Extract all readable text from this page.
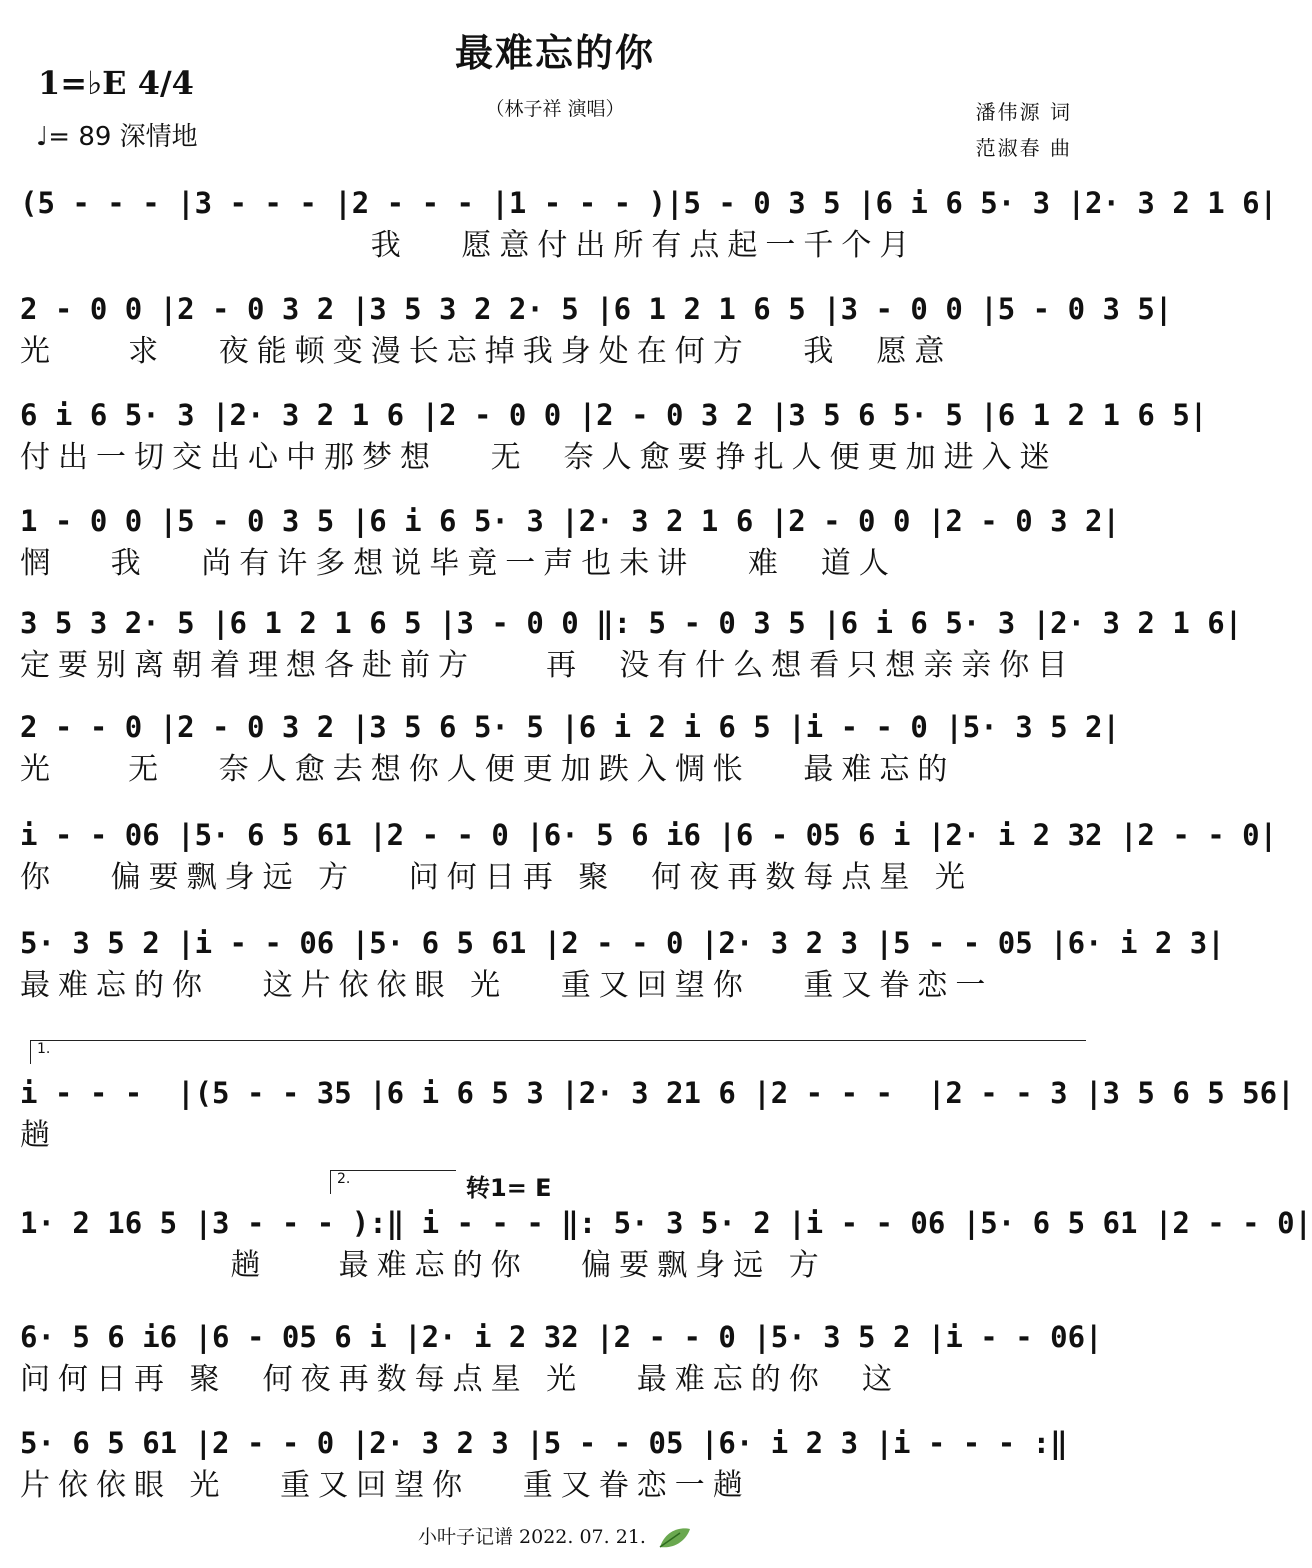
最难忘的你
（林子祥 演唱）
1=♭E 4/4
♩= 89 深情地
潘伟源 词
范淑春 曲
(5 - - - |3 - - - |2 - - - |1 - - - )|5 - 0 3 5 |6 i 6 5· 3 |2· 3 2 1 6|
我   愿意付出所有点起一千个月
2 - 0 0 |2 - 0 3 2 |3 5 3 2 2· 5 |6 1 2 1 6 5 |3 - 0 0 |5 - 0 3 5|
光    求   夜能顿变漫长忘掉我身处在何方   我  愿意
6 i 6 5· 3 |2· 3 2 1 6 |2 - 0 0 |2 - 0 3 2 |3 5 6 5· 5 |6 1 2 1 6 5|
付出一切交出心中那梦想   无  奈人愈要挣扎人便更加进入迷
1 - 0 0 |5 - 0 3 5 |6 i 6 5· 3 |2· 3 2 1 6 |2 - 0 0 |2 - 0 3 2|
惘   我   尚有许多想说毕竟一声也未讲   难  道人
3 5 3 2· 5 |6 1 2 1 6 5 |3 - 0 0 ‖: 5 - 0 3 5 |6 i 6 5· 3 |2· 3 2 1 6|
定要别离朝着理想各赴前方    再  没有什么想看只想亲亲你目
2 - - 0 |2 - 0 3 2 |3 5 6 5· 5 |6 i 2 i 6 5 |i - - 0 |5· 3 5 2|
光    无   奈人愈去想你人便更加跌入惆怅   最难忘的
i - - 06 |5· 6 5 61 |2 - - 0 |6· 5 6 i6 |6 - 05 6 i |2· i 2 32 |2 - - 0|
你   偏要飘身远 方   问何日再 聚  何夜再数每点星 光
5· 3 5 2 |i - - 06 |5· 6 5 61 |2 - - 0 |2· 3 2 3 |5 - - 05 |6· i 2 3|
最难忘的你   这片依依眼 光   重又回望你   重又眷恋一
1.
i - - -  |(5 - - 35 |6 i 6 5 3 |2· 3 21 6 |2 - - -  |2 - - 3 |3 5 6 5 56|
趟
2.	转1= E
1· 2 16 5 |3 - - - ):‖ i - - - ‖: 5· 3 5· 2 |i - - 06 |5· 6 5 61 |2 - - 0|
趟    最难忘的你   偏要飘身远 方
6· 5 6 i6 |6 - 05 6 i |2· i 2 32 |2 - - 0 |5· 3 5 2 |i - - 06|
问何日再 聚  何夜再数每点星 光   最难忘的你  这
5· 6 5 61 |2 - - 0 |2· 3 2 3 |5 - - 05 |6· i 2 3 |i - - - :‖
片依依眼 光   重又回望你   重又眷恋一趟
小叶子记谱 2022. 07. 21.
